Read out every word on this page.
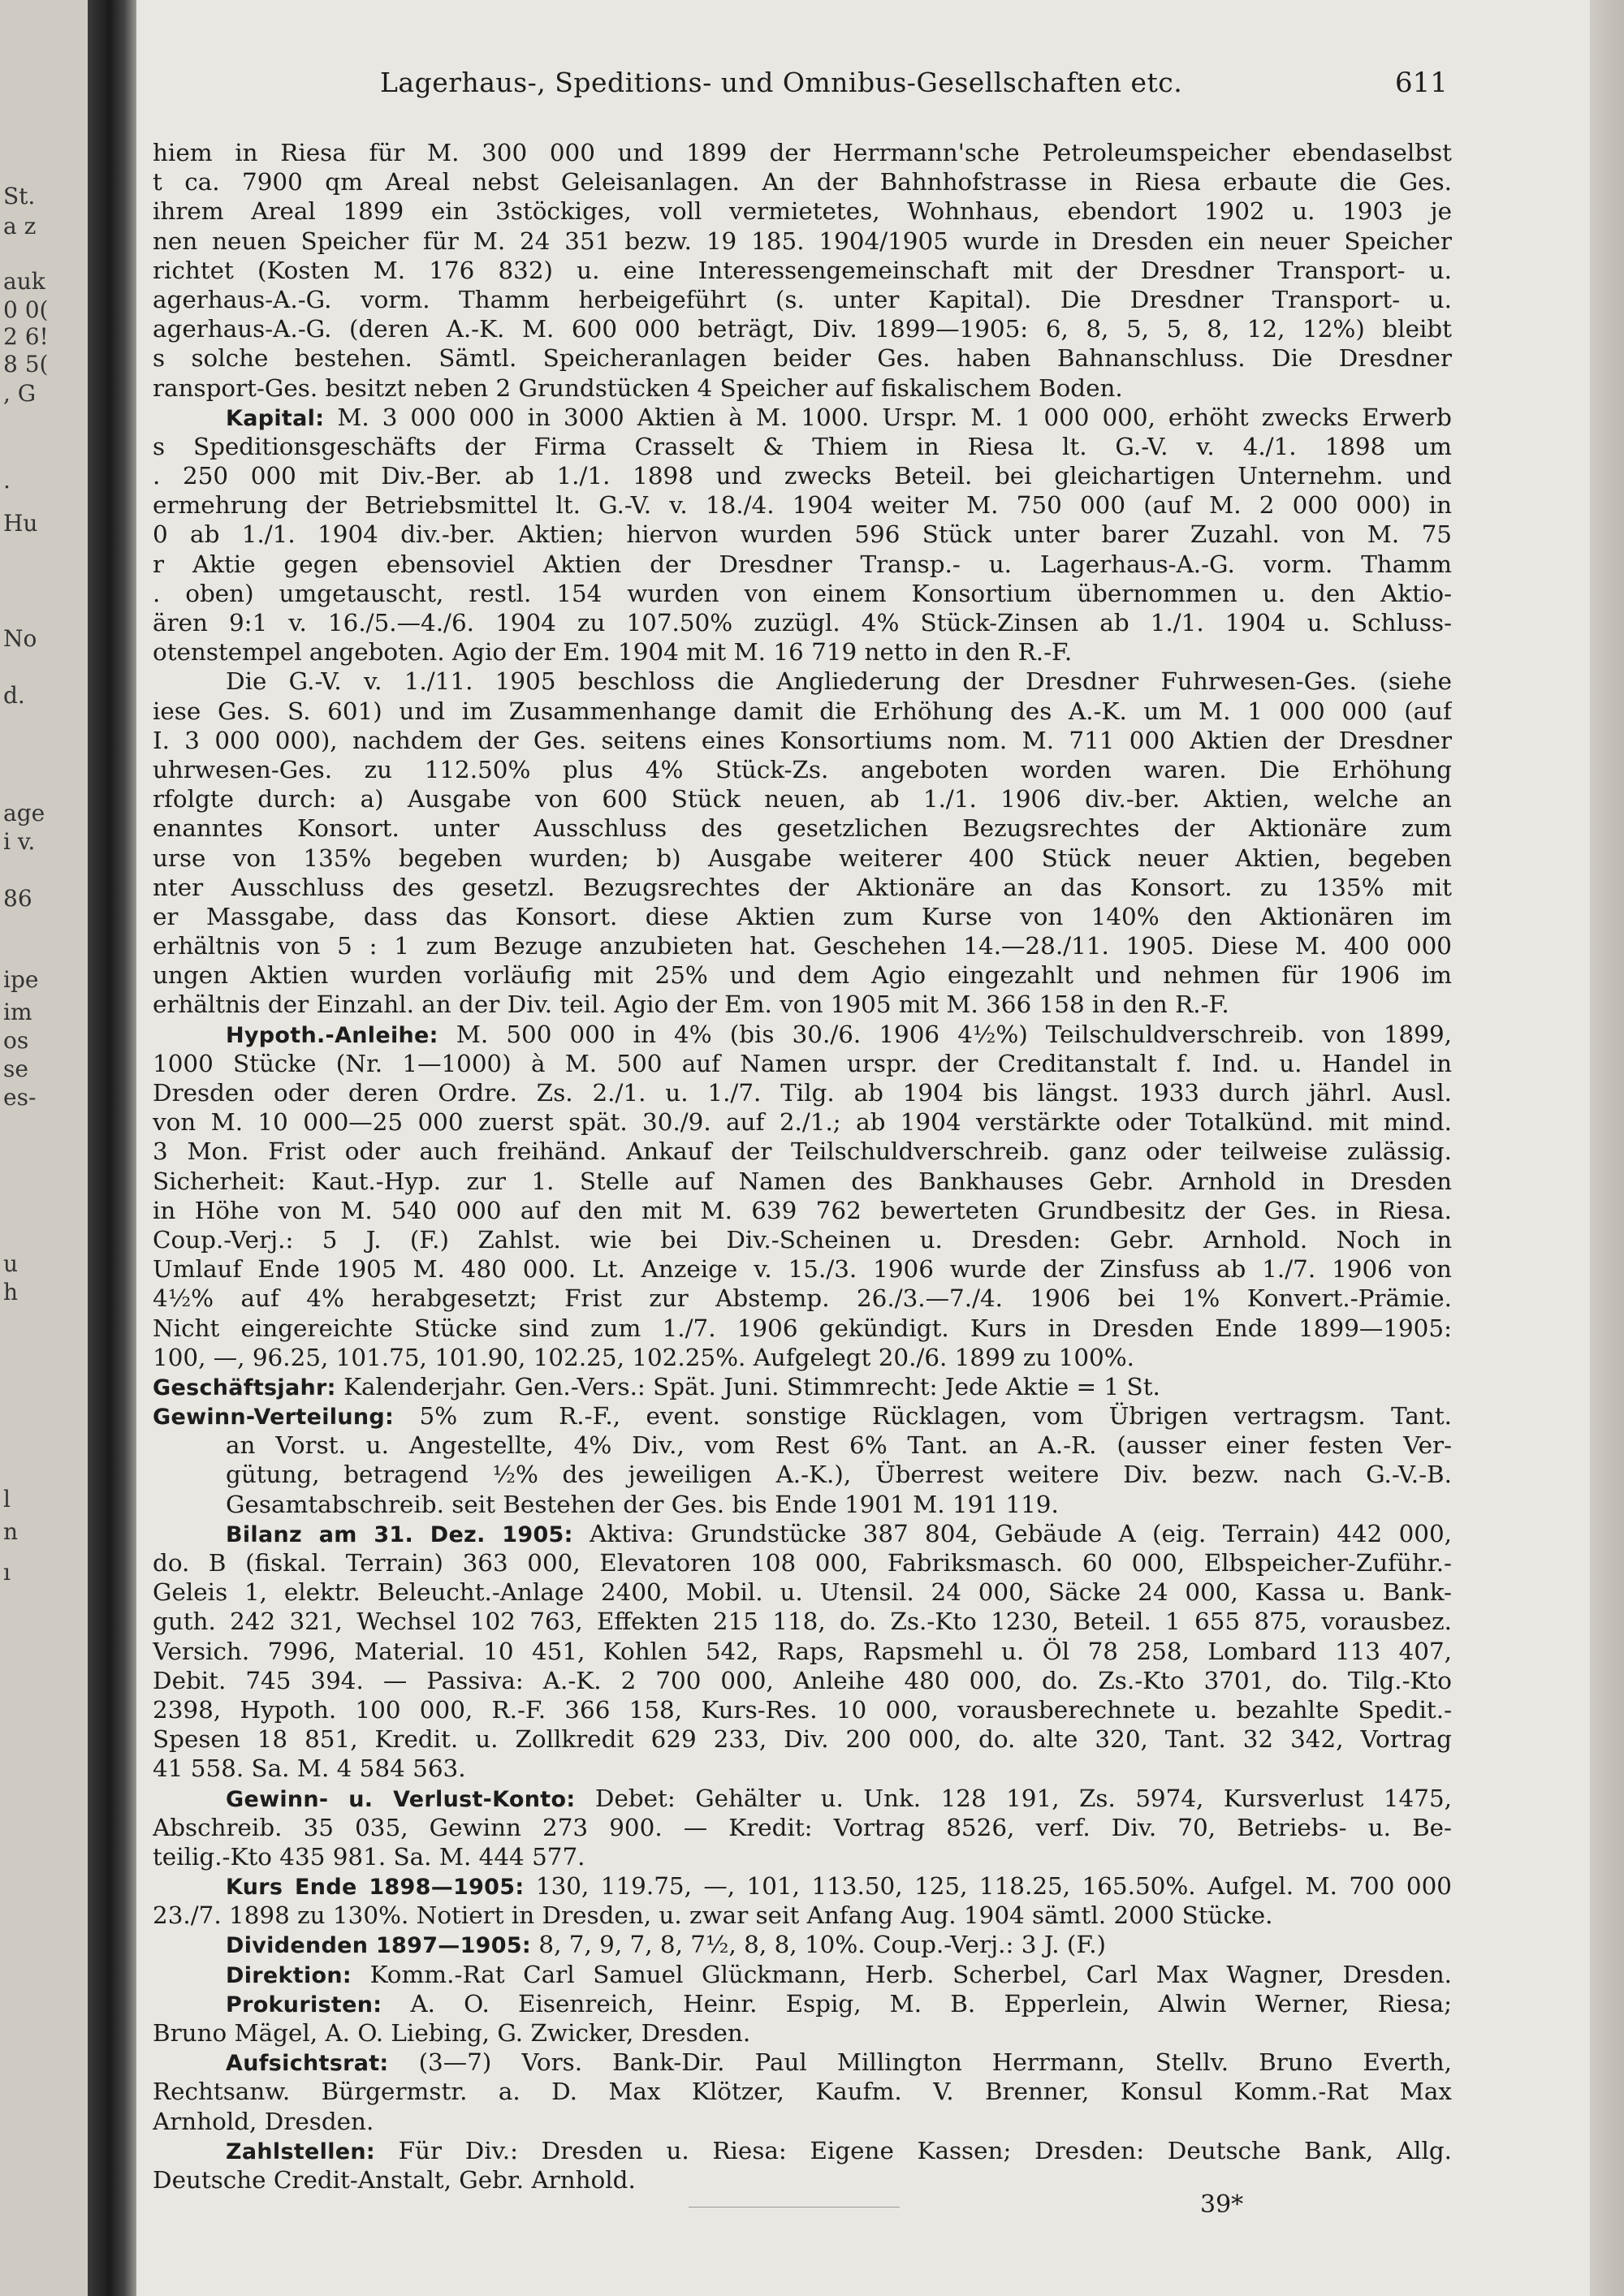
St.
a z
auk
0 0(
2 6!
8 5(
, G
.
Hu
No
d.
age
i v.
86
ipe
im
os
se
es-
u
h
l
n
ı
Lagerhaus-, Speditions- und Omnibus-Gesellschaften etc.	611
hiem in Riesa für M. 300 000 und 1899 der Herrmann'sche Petroleumspeicher ebendaselbst
t ca. 7900 qm Areal nebst Geleisanlagen. An der Bahnhofstrasse in Riesa erbaute die Ges.
ihrem Areal 1899 ein 3stöckiges, voll vermietetes, Wohnhaus, ebendort 1902 u. 1903 je
nen neuen Speicher für M. 24 351 bezw. 19 185. 1904/1905 wurde in Dresden ein neuer Speicher
richtet (Kosten M. 176 832) u. eine Interessengemeinschaft mit der Dresdner Transport- u.
agerhaus-A.-G. vorm. Thamm herbeigeführt (s. unter Kapital). Die Dresdner Transport- u.
agerhaus-A.-G. (deren A.-K. M. 600 000 beträgt, Div. 1899—1905: 6, 8, 5, 5, 8, 12, 12%) bleibt
s solche bestehen. Sämtl. Speicheranlagen beider Ges. haben Bahnanschluss. Die Dresdner
ransport-Ges. besitzt neben 2 Grundstücken 4 Speicher auf fiskalischem Boden.
Kapital: M. 3 000 000 in 3000 Aktien à M. 1000. Urspr. M. 1 000 000, erhöht zwecks Erwerb
s Speditionsgeschäfts der Firma Crasselt & Thiem in Riesa lt. G.-V. v. 4./1. 1898 um
. 250 000 mit Div.-Ber. ab 1./1. 1898 und zwecks Beteil. bei gleichartigen Unternehm. und
ermehrung der Betriebsmittel lt. G.-V. v. 18./4. 1904 weiter M. 750 000 (auf M. 2 000 000) in
0 ab 1./1. 1904 div.-ber. Aktien; hiervon wurden 596 Stück unter barer Zuzahl. von M. 75
r Aktie gegen ebensoviel Aktien der Dresdner Transp.- u. Lagerhaus-A.-G. vorm. Thamm
. oben) umgetauscht, restl. 154 wurden von einem Konsortium übernommen u. den Aktio-
ären 9:1 v. 16./5.—4./6. 1904 zu 107.50% zuzügl. 4% Stück-Zinsen ab 1./1. 1904 u. Schluss-
otenstempel angeboten. Agio der Em. 1904 mit M. 16 719 netto in den R.-F.
Die G.-V. v. 1./11. 1905 beschloss die Angliederung der Dresdner Fuhrwesen-Ges. (siehe
iese Ges. S. 601) und im Zusammenhange damit die Erhöhung des A.-K. um M. 1 000 000 (auf
I. 3 000 000), nachdem der Ges. seitens eines Konsortiums nom. M. 711 000 Aktien der Dresdner
uhrwesen-Ges. zu 112.50% plus 4% Stück-Zs. angeboten worden waren. Die Erhöhung
rfolgte durch: a) Ausgabe von 600 Stück neuen, ab 1./1. 1906 div.-ber. Aktien, welche an
enanntes Konsort. unter Ausschluss des gesetzlichen Bezugsrechtes der Aktionäre zum
urse von 135% begeben wurden; b) Ausgabe weiterer 400 Stück neuer Aktien, begeben
nter Ausschluss des gesetzl. Bezugsrechtes der Aktionäre an das Konsort. zu 135% mit
er Massgabe, dass das Konsort. diese Aktien zum Kurse von 140% den Aktionären im
erhältnis von 5 : 1 zum Bezuge anzubieten hat. Geschehen 14.—28./11. 1905. Diese M. 400 000
ungen Aktien wurden vorläufig mit 25% und dem Agio eingezahlt und nehmen für 1906 im
erhältnis der Einzahl. an der Div. teil. Agio der Em. von 1905 mit M. 366 158 in den R.-F.
Hypoth.-Anleihe: M. 500 000 in 4% (bis 30./6. 1906 4½%) Teilschuldverschreib. von 1899,
1000 Stücke (Nr. 1—1000) à M. 500 auf Namen urspr. der Creditanstalt f. Ind. u. Handel in
Dresden oder deren Ordre. Zs. 2./1. u. 1./7. Tilg. ab 1904 bis längst. 1933 durch jährl. Ausl.
von M. 10 000—25 000 zuerst spät. 30./9. auf 2./1.; ab 1904 verstärkte oder Totalkünd. mit mind.
3 Mon. Frist oder auch freihänd. Ankauf der Teilschuldverschreib. ganz oder teilweise zulässig.
Sicherheit: Kaut.-Hyp. zur 1. Stelle auf Namen des Bankhauses Gebr. Arnhold in Dresden
in Höhe von M. 540 000 auf den mit M. 639 762 bewerteten Grundbesitz der Ges. in Riesa.
Coup.-Verj.: 5 J. (F.) Zahlst. wie bei Div.-Scheinen u. Dresden: Gebr. Arnhold. Noch in
Umlauf Ende 1905 M. 480 000. Lt. Anzeige v. 15./3. 1906 wurde der Zinsfuss ab 1./7. 1906 von
4½% auf 4% herabgesetzt; Frist zur Abstemp. 26./3.—7./4. 1906 bei 1% Konvert.-Prämie.
Nicht eingereichte Stücke sind zum 1./7. 1906 gekündigt. Kurs in Dresden Ende 1899—1905:
100, —, 96.25, 101.75, 101.90, 102.25, 102.25%. Aufgelegt 20./6. 1899 zu 100%.
Geschäftsjahr: Kalenderjahr. Gen.-Vers.: Spät. Juni. Stimmrecht: Jede Aktie = 1 St.
Gewinn-Verteilung: 5% zum R.-F., event. sonstige Rücklagen, vom Übrigen vertragsm. Tant.
an Vorst. u. Angestellte, 4% Div., vom Rest 6% Tant. an A.-R. (ausser einer festen Ver-
gütung, betragend ½% des jeweiligen A.-K.), Überrest weitere Div. bezw. nach G.-V.-B.
Gesamtabschreib. seit Bestehen der Ges. bis Ende 1901 M. 191 119.
Bilanz am 31. Dez. 1905: Aktiva: Grundstücke 387 804, Gebäude A (eig. Terrain) 442 000,
do. B (fiskal. Terrain) 363 000, Elevatoren 108 000, Fabriksmasch. 60 000, Elbspeicher-Zuführ.-
Geleis 1, elektr. Beleucht.-Anlage 2400, Mobil. u. Utensil. 24 000, Säcke 24 000, Kassa u. Bank-
guth. 242 321, Wechsel 102 763, Effekten 215 118, do. Zs.-Kto 1230, Beteil. 1 655 875, vorausbez.
Versich. 7996, Material. 10 451, Kohlen 542, Raps, Rapsmehl u. Öl 78 258, Lombard 113 407,
Debit. 745 394. — Passiva: A.-K. 2 700 000, Anleihe 480 000, do. Zs.-Kto 3701, do. Tilg.-Kto
2398, Hypoth. 100 000, R.-F. 366 158, Kurs-Res. 10 000, vorausberechnete u. bezahlte Spedit.-
Spesen 18 851, Kredit. u. Zollkredit 629 233, Div. 200 000, do. alte 320, Tant. 32 342, Vortrag
41 558. Sa. M. 4 584 563.
Gewinn- u. Verlust-Konto: Debet: Gehälter u. Unk. 128 191, Zs. 5974, Kursverlust 1475,
Abschreib. 35 035, Gewinn 273 900. — Kredit: Vortrag 8526, verf. Div. 70, Betriebs- u. Be-
teilig.-Kto 435 981. Sa. M. 444 577.
Kurs Ende 1898—1905: 130, 119.75, —, 101, 113.50, 125, 118.25, 165.50%. Aufgel. M. 700 000
23./7. 1898 zu 130%. Notiert in Dresden, u. zwar seit Anfang Aug. 1904 sämtl. 2000 Stücke.
Dividenden 1897—1905: 8, 7, 9, 7, 8, 7½, 8, 8, 10%. Coup.-Verj.: 3 J. (F.)
Direktion: Komm.-Rat Carl Samuel Glückmann, Herb. Scherbel, Carl Max Wagner, Dresden.
Prokuristen: A. O. Eisenreich, Heinr. Espig, M. B. Epperlein, Alwin Werner, Riesa;
Bruno Mägel, A. O. Liebing, G. Zwicker, Dresden.
Aufsichtsrat: (3—7) Vors. Bank-Dir. Paul Millington Herrmann, Stellv. Bruno Everth,
Rechtsanw. Bürgermstr. a. D. Max Klötzer, Kaufm. V. Brenner, Konsul Komm.-Rat Max
Arnhold, Dresden.
Zahlstellen: Für Div.: Dresden u. Riesa: Eigene Kassen; Dresden: Deutsche Bank, Allg.
Deutsche Credit-Anstalt, Gebr. Arnhold.
39*
